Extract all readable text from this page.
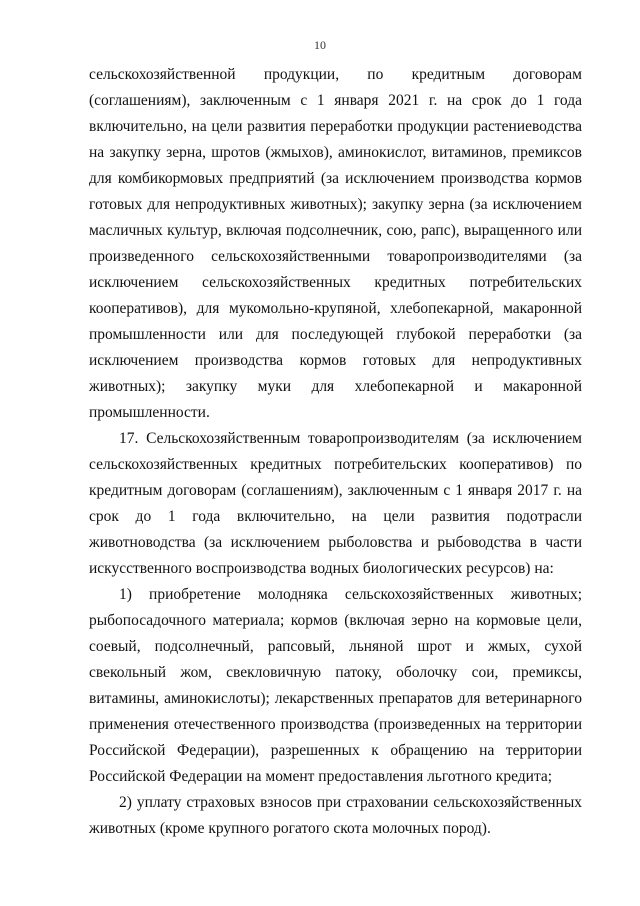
10

сельскохозяйственной продукции, по кредитным договорам (соглашениям), заключенным с 1 января 2021 г. на срок до 1 года включительно, на цели развития переработки продукции растениеводства на закупку зерна, шротов (жмыхов), аминокислот, витаминов, премиксов для комбикормовых предприятий (за исключением производства кормов готовых для непродуктивных животных); закупку зерна (за исключением масличных культур, включая подсолнечник, сою, рапс), выращенного или произведенного сельскохозяйственными товаропроизводителями (за исключением сельскохозяйственных кредитных потребительских кооперативов), для мукомольно-крупяной, хлебопекарной, макаронной промышленности или для последующей глубокой переработки (за исключением производства кормов готовых для непродуктивных животных); закупку муки для хлебопекарной и макаронной промышленности.

17. Сельскохозяйственным товаропроизводителям (за исключением сельскохозяйственных кредитных потребительских кооперативов) по кредитным договорам (соглашениям), заключенным с 1 января 2017 г. на срок до 1 года включительно, на цели развития подотрасли животноводства (за исключением рыболовства и рыбоводства в части искусственного воспроизводства водных биологических ресурсов) на:

1) приобретение молодняка сельскохозяйственных животных; рыбопосадочного материала; кормов (включая зерно на кормовые цели, соевый, подсолнечный, рапсовый, льняной шрот и жмых, сухой свекольный жом, свекловичную патоку, оболочку сои, премиксы, витамины, аминокислоты); лекарственных препаратов для ветеринарного применения отечественного производства (произведенных на территории Российской Федерации), разрешенных к обращению на территории Российской Федерации на момент предоставления льготного кредита;

2) уплату страховых взносов при страховании сельскохозяйственных животных (кроме крупного рогатого скота молочных пород).
